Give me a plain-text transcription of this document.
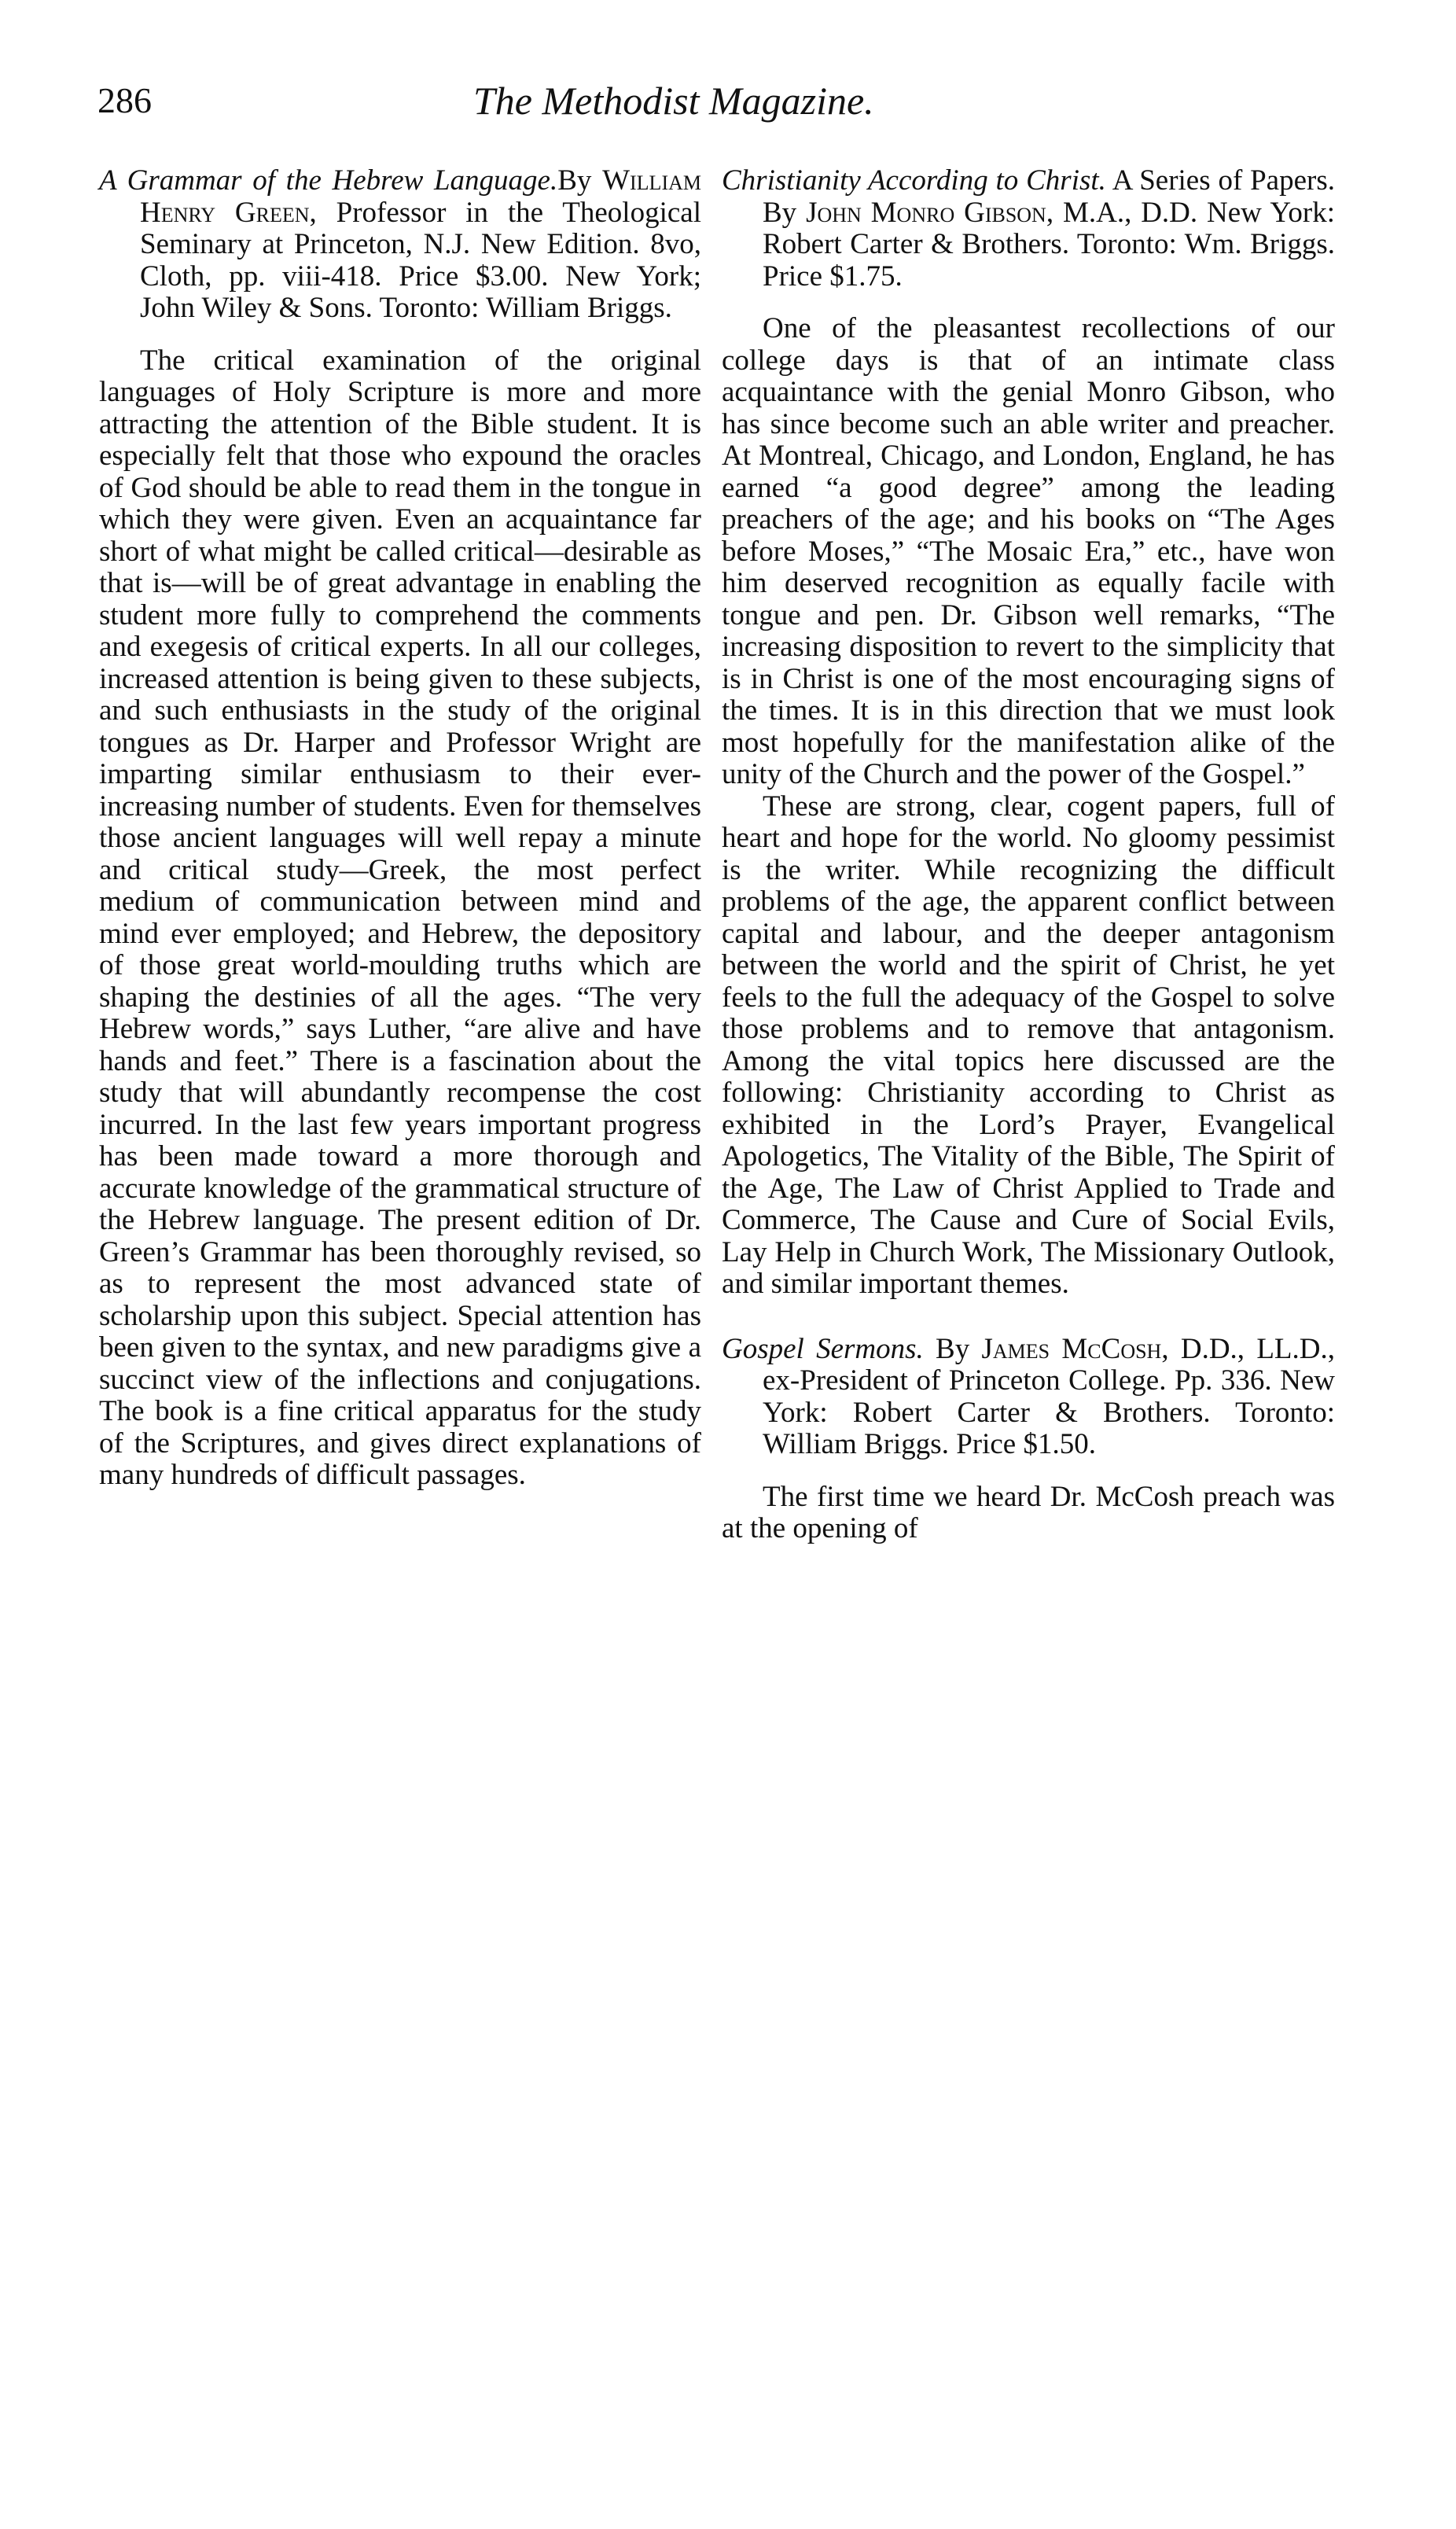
286	The Methodist Magazine.

A Grammar of the Hebrew Language.By William Henry Green, Professor in the Theological Seminary at Princeton, N.J. New Edition. 8vo, Cloth, pp. viii-418. Price $3.00. New York; John Wiley & Sons. Toronto: William Briggs.

The critical examination of the original languages of Holy Scripture is more and more attracting the attention of the Bible student. It is especially felt that those who expound the oracles of God should be able to read them in the tongue in which they were given. Even an acquaintance far short of what might be called critical—desirable as that is—will be of great advantage in enabling the student more fully to comprehend the comments and exegesis of critical experts. In all our colleges, increased attention is being given to these subjects, and such enthusiasts in the study of the original tongues as Dr. Harper and Professor Wright are imparting similar enthusiasm to their ever-increasing number of students. Even for themselves those ancient languages will well repay a minute and critical study—Greek, the most perfect medium of communication between mind and mind ever employed; and Hebrew, the depository of those great world-moulding truths which are shaping the destinies of all the ages. “The very Hebrew words,” says Luther, “are alive and have hands and feet.” There is a fascination about the study that will abundantly recompense the cost incurred. In the last few years important progress has been made toward a more thorough and accurate knowledge of the grammatical structure of the Hebrew language. The present edition of Dr. Green’s Grammar has been thoroughly revised, so as to represent the most advanced state of scholarship upon this subject. Special attention has been given to the syntax, and new paradigms give a succinct view of the inflections and conjugations. The book is a fine critical apparatus for the study of the Scriptures, and gives direct explanations of many hundreds of difficult passages.

Christianity According to Christ. A Series of Papers. By John Monro Gibson, M.A., D.D. New York: Robert Carter & Brothers. Toronto: Wm. Briggs. Price $1.75.

One of the pleasantest recollections of our college days is that of an intimate class acquaintance with the genial Monro Gibson, who has since become such an able writer and preacher. At Montreal, Chicago, and London, England, he has earned “a good degree” among the leading preachers of the age; and his books on “The Ages before Moses,” “The Mosaic Era,” etc., have won him deserved recognition as equally facile with tongue and pen. Dr. Gibson well remarks, “The increasing disposition to revert to the simplicity that is in Christ is one of the most encouraging signs of the times. It is in this direction that we must look most hopefully for the manifestation alike of the unity of the Church and the power of the Gospel.”

These are strong, clear, cogent papers, full of heart and hope for the world. No gloomy pessimist is the writer. While recognizing the difficult problems of the age, the apparent conflict between capital and labour, and the deeper antagonism between the world and the spirit of Christ, he yet feels to the full the adequacy of the Gospel to solve those problems and to remove that antagonism. Among the vital topics here discussed are the following: Christianity according to Christ as exhibited in the Lord’s Prayer, Evangelical Apologetics, The Vitality of the Bible, The Spirit of the Age, The Law of Christ Applied to Trade and Commerce, The Cause and Cure of Social Evils, Lay Help in Church Work, The Missionary Outlook, and similar important themes.

Gospel Sermons. By James McCosh, D.D., LL.D., ex-President of Princeton College. Pp. 336. New York: Robert Carter & Brothers. Toronto: William Briggs. Price $1.50.

The first time we heard Dr. McCosh preach was at the opening of
